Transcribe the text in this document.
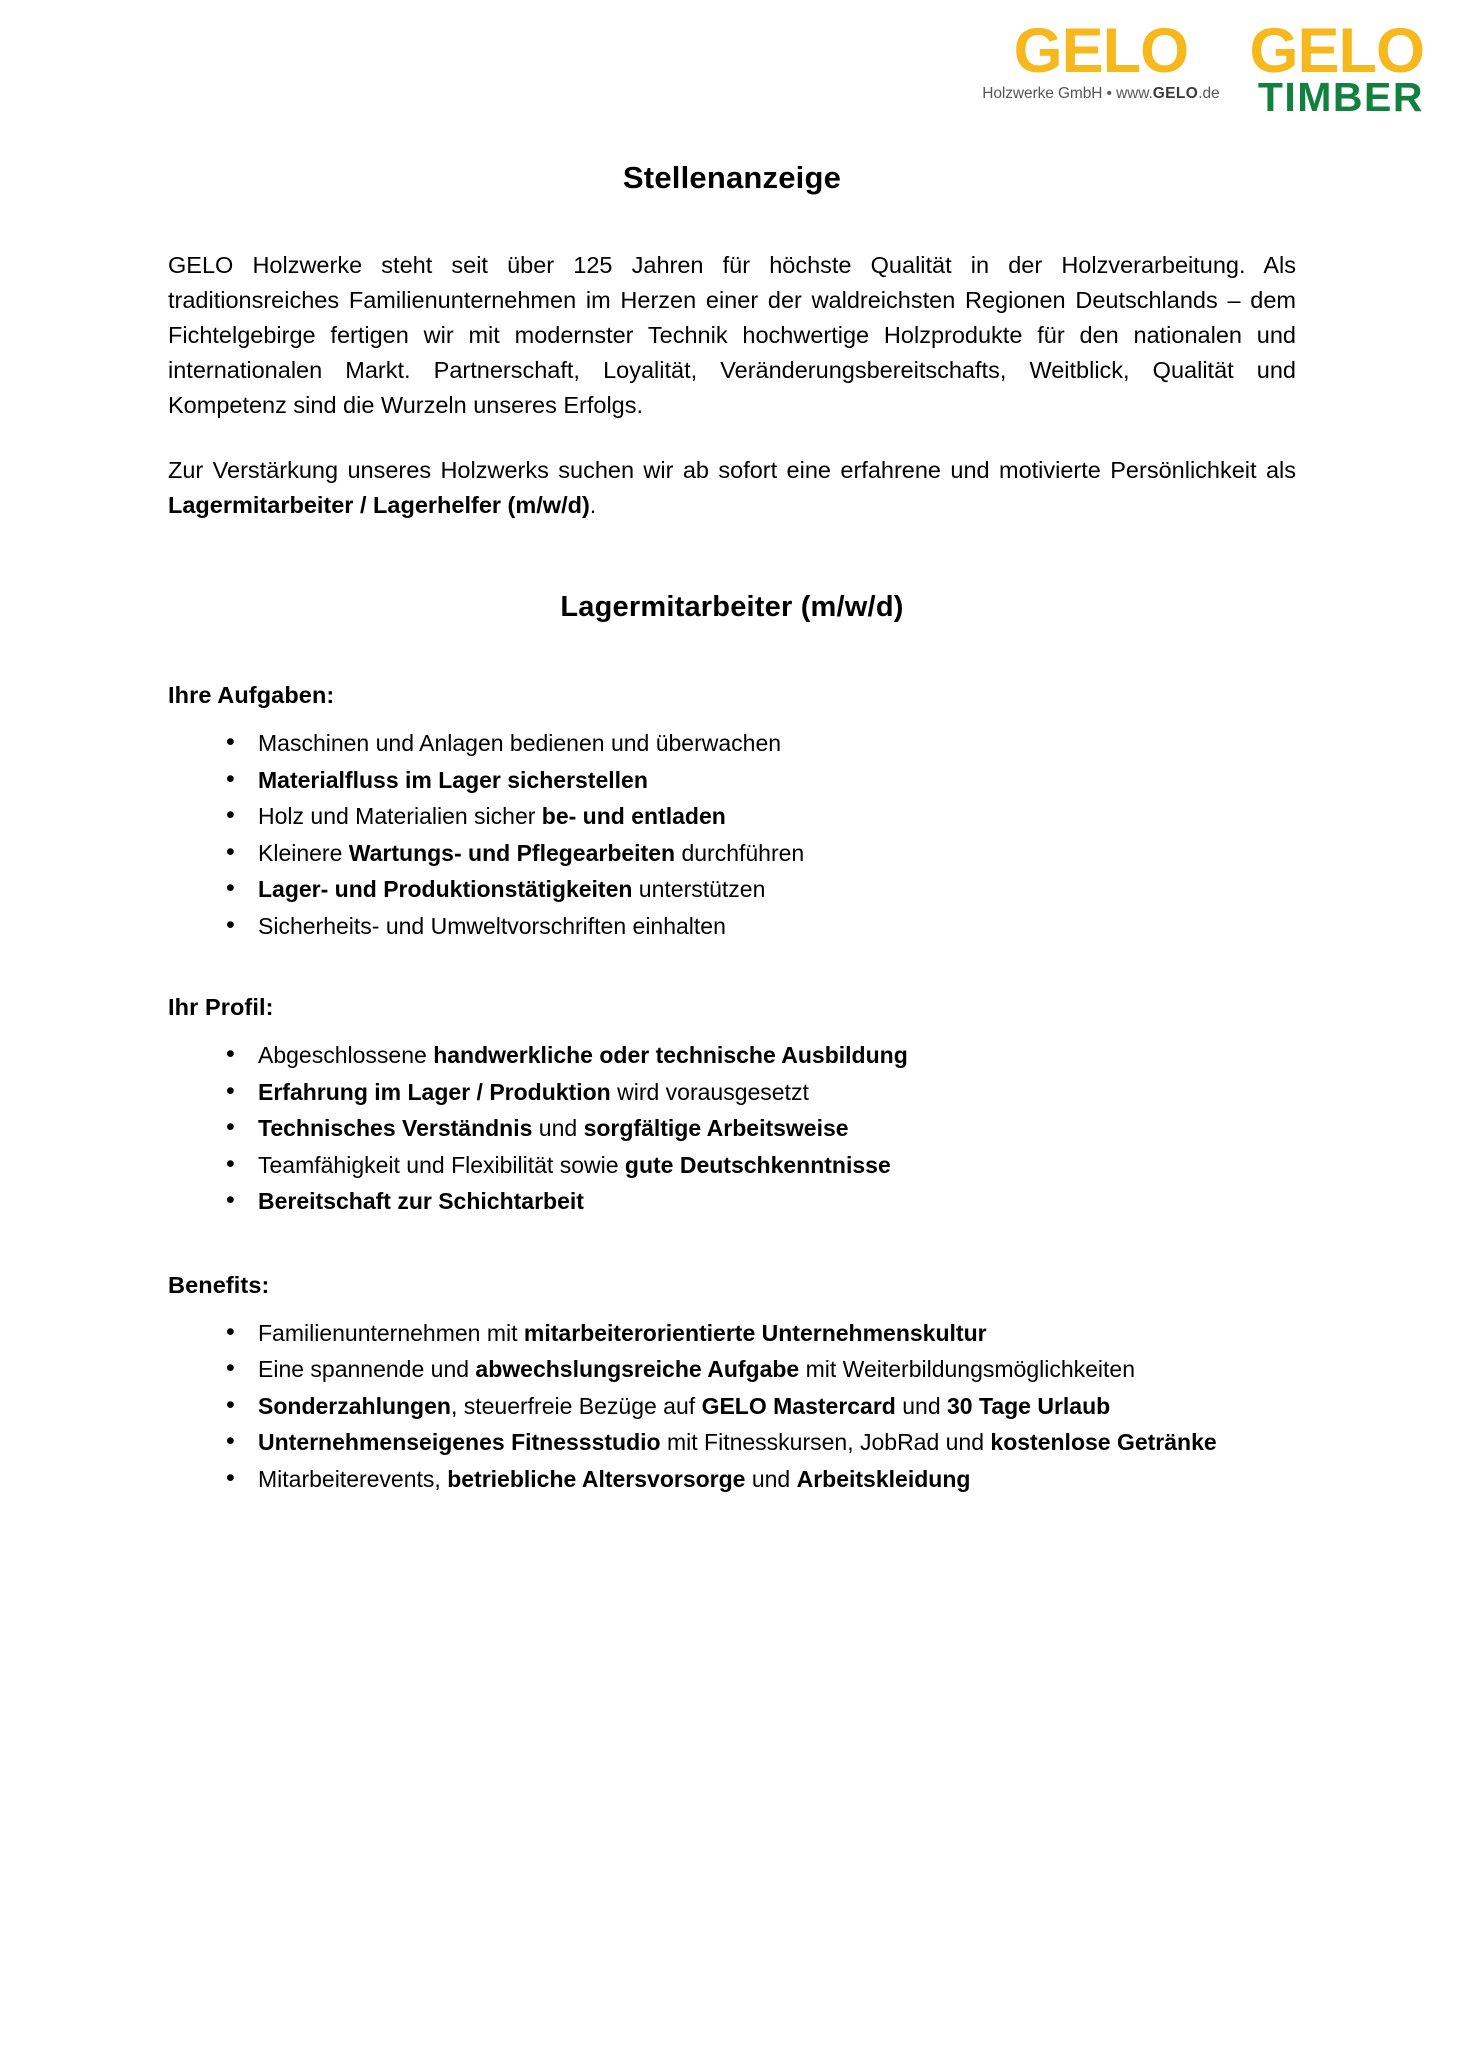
GELO
Holzwerke GmbH • www.GELO.de
GELO
TIMBER
Stellenanzeige

GELO Holzwerke steht seit über 125 Jahren für höchste Qualität in der Holzverarbeitung. Als traditionsreiches Familienunternehmen im Herzen einer der waldreichsten Regionen Deutschlands – dem Fichtelgebirge fertigen wir mit modernster Technik hochwertige Holzprodukte für den nationalen und internationalen Markt. Partnerschaft, Loyalität, Veränderungsbereitschafts, Weitblick, Qualität und Kompetenz sind die Wurzeln unseres Erfolgs.

Zur Verstärkung unseres Holzwerks suchen wir ab sofort eine erfahrene und motivierte Persönlichkeit als Lagermitarbeiter / Lagerhelfer (m/w/d).

Lagermitarbeiter (m/w/d)
Ihre Aufgaben:
• Maschinen und Anlagen bedienen und überwachen
• Materialfluss im Lager sicherstellen
• Holz und Materialien sicher be- und entladen
• Kleinere Wartungs- und Pflegearbeiten durchführen
• Lager- und Produktionstätigkeiten unterstützen
• Sicherheits- und Umweltvorschriften einhalten
Ihr Profil:
• Abgeschlossene handwerkliche oder technische Ausbildung
• Erfahrung im Lager / Produktion wird vorausgesetzt
• Technisches Verständnis und sorgfältige Arbeitsweise
• Teamfähigkeit und Flexibilität sowie gute Deutschkenntnisse
• Bereitschaft zur Schichtarbeit
Benefits:
• Familienunternehmen mit mitarbeiterorientierte Unternehmenskultur
• Eine spannende und abwechslungsreiche Aufgabe mit Weiterbildungsmöglichkeiten
• Sonderzahlungen, steuerfreie Bezüge auf GELO Mastercard und 30 Tage Urlaub
• Unternehmenseigenes Fitnessstudio mit Fitnesskursen, JobRad und kostenlose Getränke
• Mitarbeiterevents, betriebliche Altersvorsorge und Arbeitskleidung
